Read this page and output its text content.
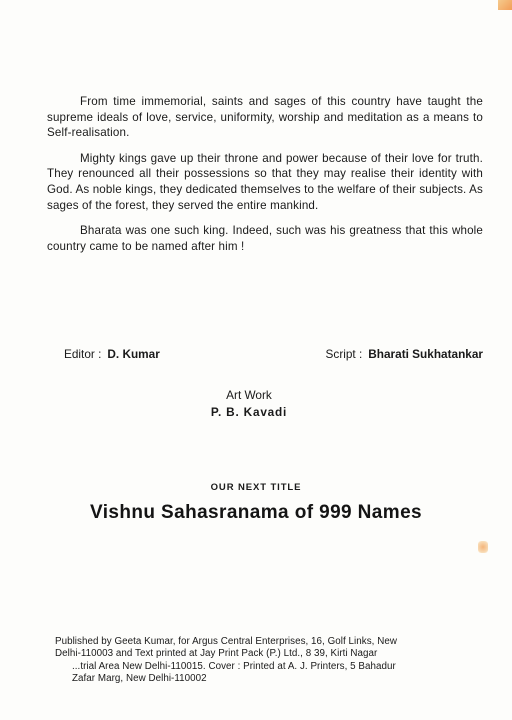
From time immemorial, saints and sages of this country have taught the supreme ideals of love, service, uniformity, worship and meditation as a means to Self-realisation.

Mighty kings gave up their throne and power because of their love for truth. They renounced all their possessions so that they may realise their identity with God. As noble kings, they dedicated themselves to the welfare of their subjects. As sages of the forest, they served the entire mankind.

Bharata was one such king. Indeed, such was his greatness that this whole country came to be named after him !

Editor : D. Kumar	Script : Bharati Sukhatankar
Art Work
P. B. Kavadi
OUR NEXT TITLE
Vishnu Sahasranama of 999 Names
Published by Geeta Kumar, for Argus Central Enterprises, 16, Golf Links, New
Delhi-110003 and Text printed at Jay Print Pack (P.) Ltd., 8 39, Kirti Nagar
...trial Area New Delhi-110015. Cover : Printed at A. J. Printers, 5 Bahadur
Zafar Marg, New Delhi-110002
